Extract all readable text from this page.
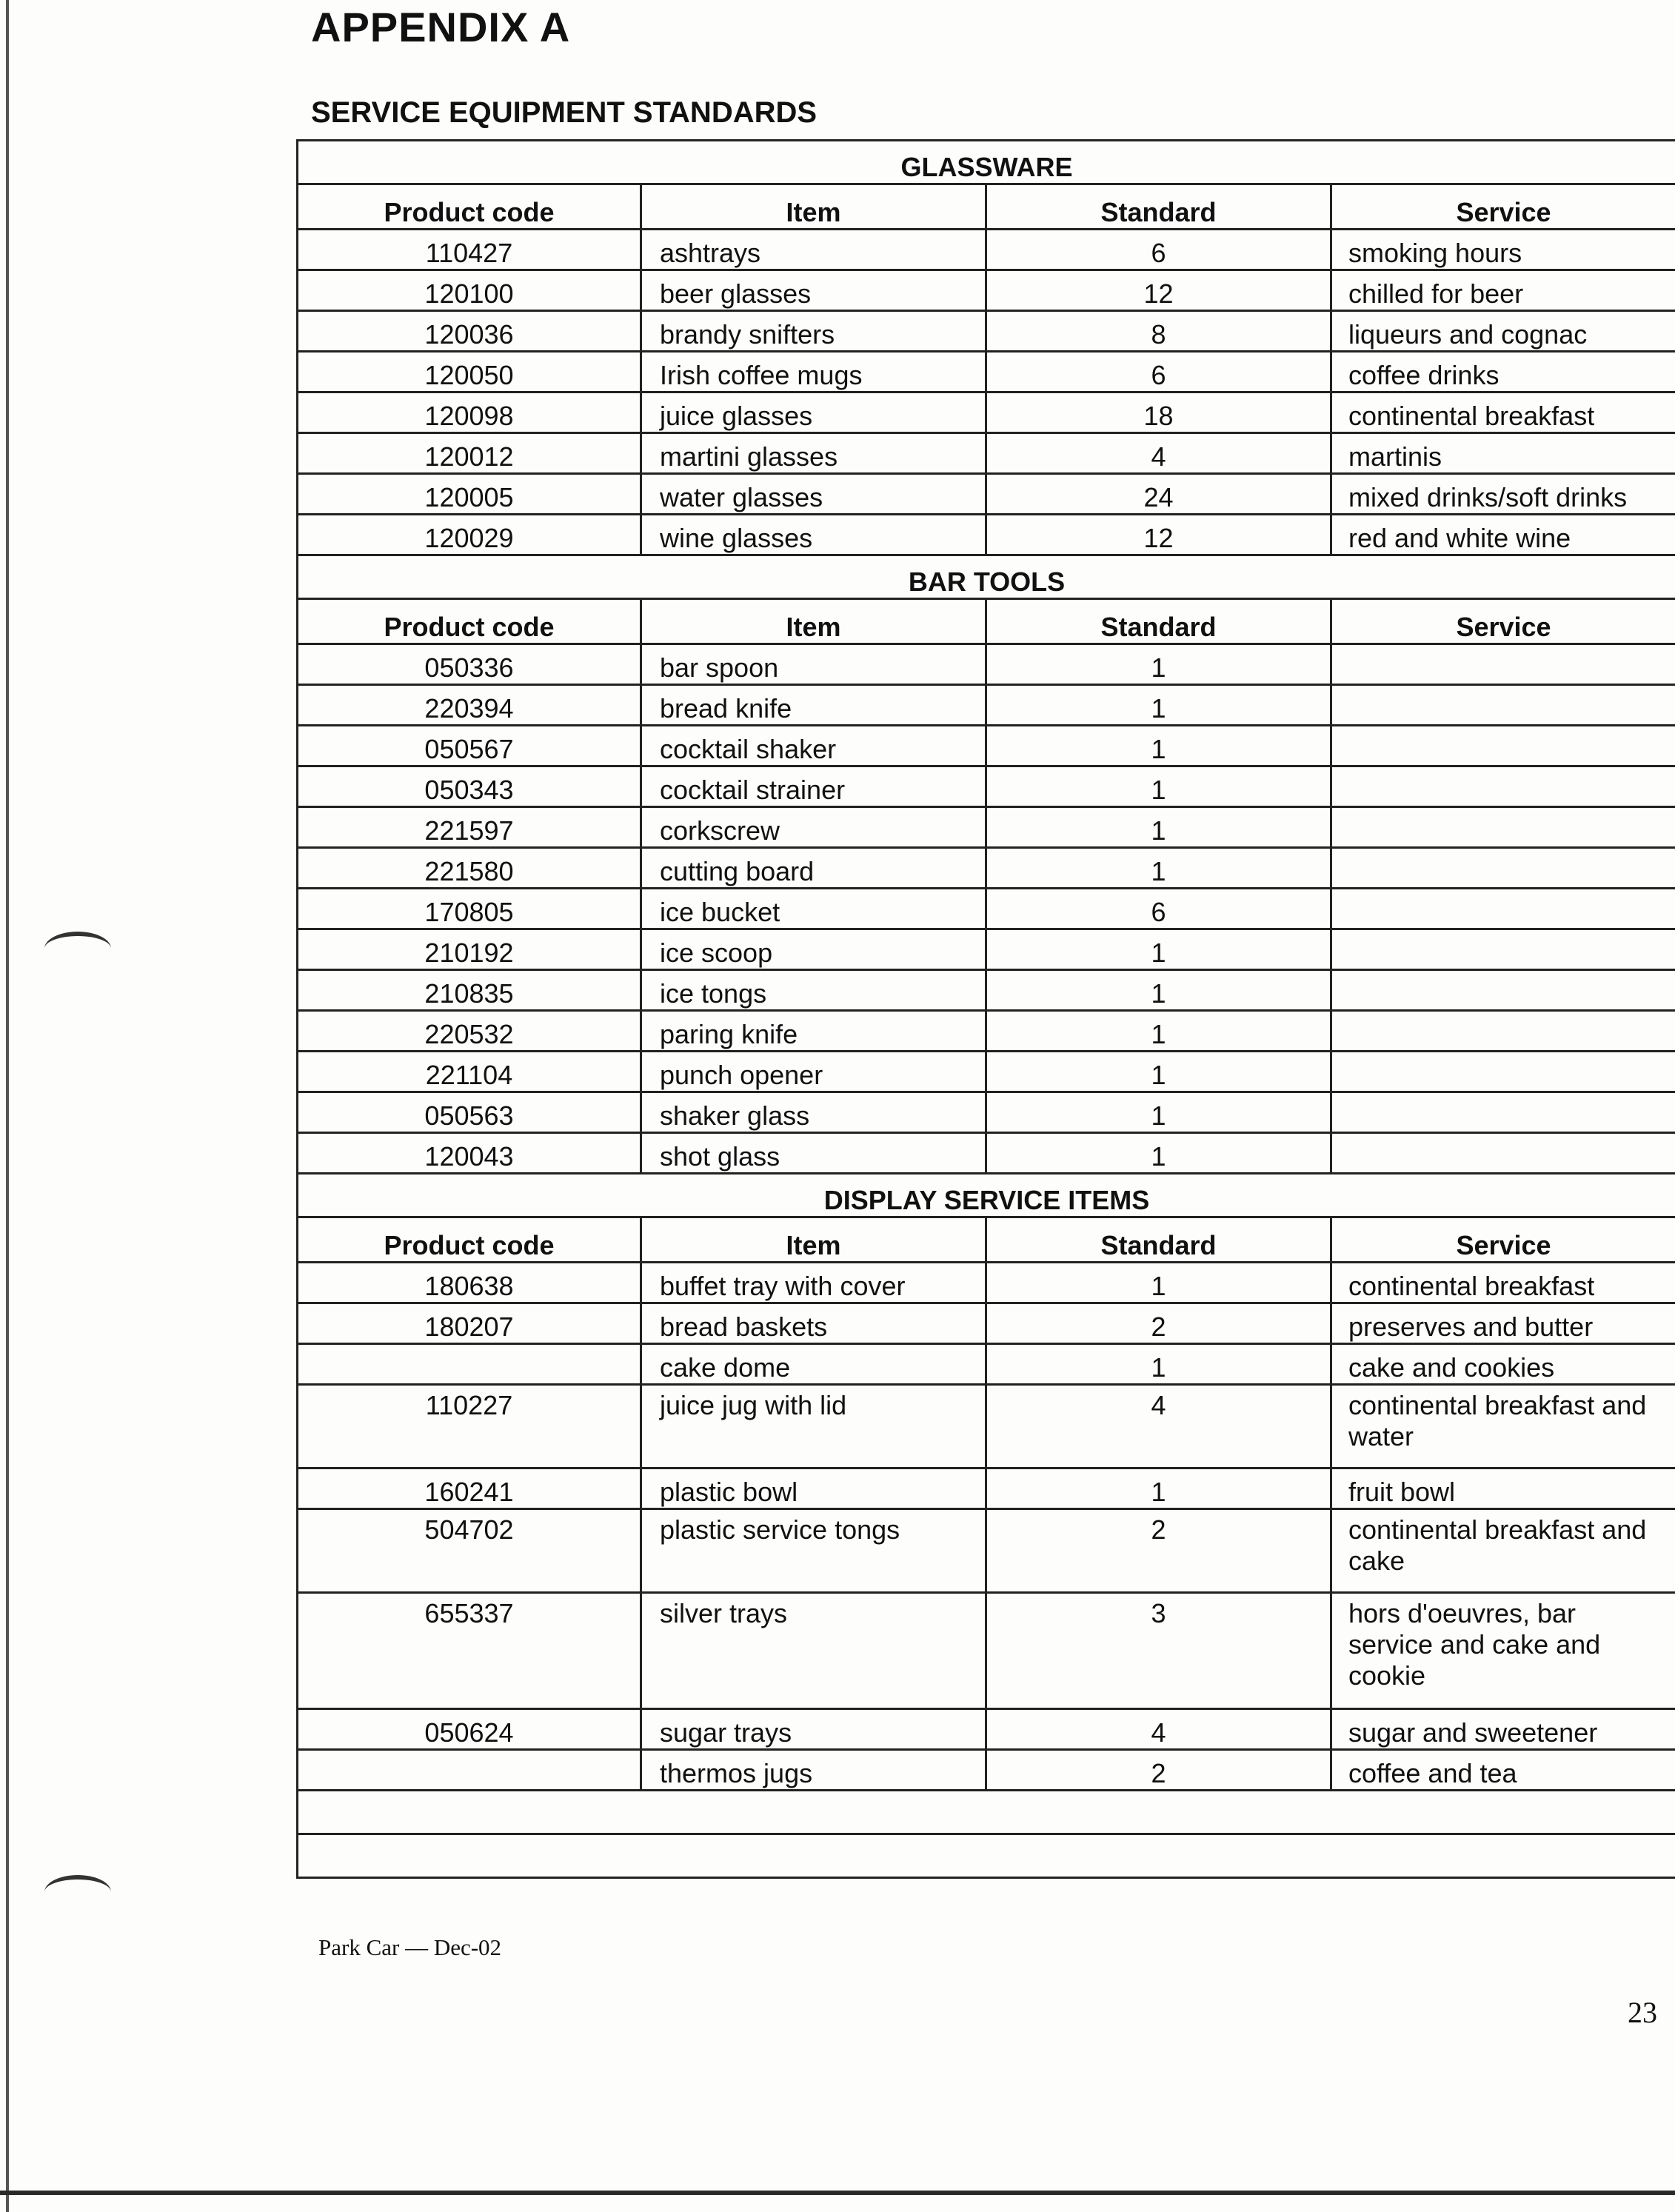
APPENDIX A
SERVICE EQUIPMENT STANDARDS
GLASSWARE			
Product code	Item	Standard	Service
110427	ashtrays	6	smoking hours
120100	beer glasses	12	chilled for beer
120036	brandy snifters	8	liqueurs and cognac
120050	Irish coffee mugs	6	coffee drinks
120098	juice glasses	18	continental breakfast
120012	martini glasses	4	martinis
120005	water glasses	24	mixed drinks/soft drinks
120029	wine glasses	12	red and white wine
BAR TOOLS			
Product code	Item	Standard	Service
050336	bar spoon	1	
220394	bread knife	1	
050567	cocktail shaker	1	
050343	cocktail strainer	1	
221597	corkscrew	1	
221580	cutting board	1	
170805	ice bucket	6	
210192	ice scoop	1	
210835	ice tongs	1	
220532	paring knife	1	
221104	punch opener	1	
050563	shaker glass	1	
120043	shot glass	1	
DISPLAY SERVICE ITEMS			
Product code	Item	Standard	Service
180638	buffet tray with cover	1	continental breakfast
180207	bread baskets	2	preserves and butter
	cake dome	1	cake and cookies
110227	juice jug with lid	4	continental breakfast and water
160241	plastic bowl	1	fruit bowl
504702	plastic service tongs	2	continental breakfast and cake
655337	silver trays	3	hors d'oeuvres, bar service and cake and cookie
050624	sugar trays	4	sugar and sweetener
	thermos jugs	2	coffee and tea

Park Car — Dec-02
23
